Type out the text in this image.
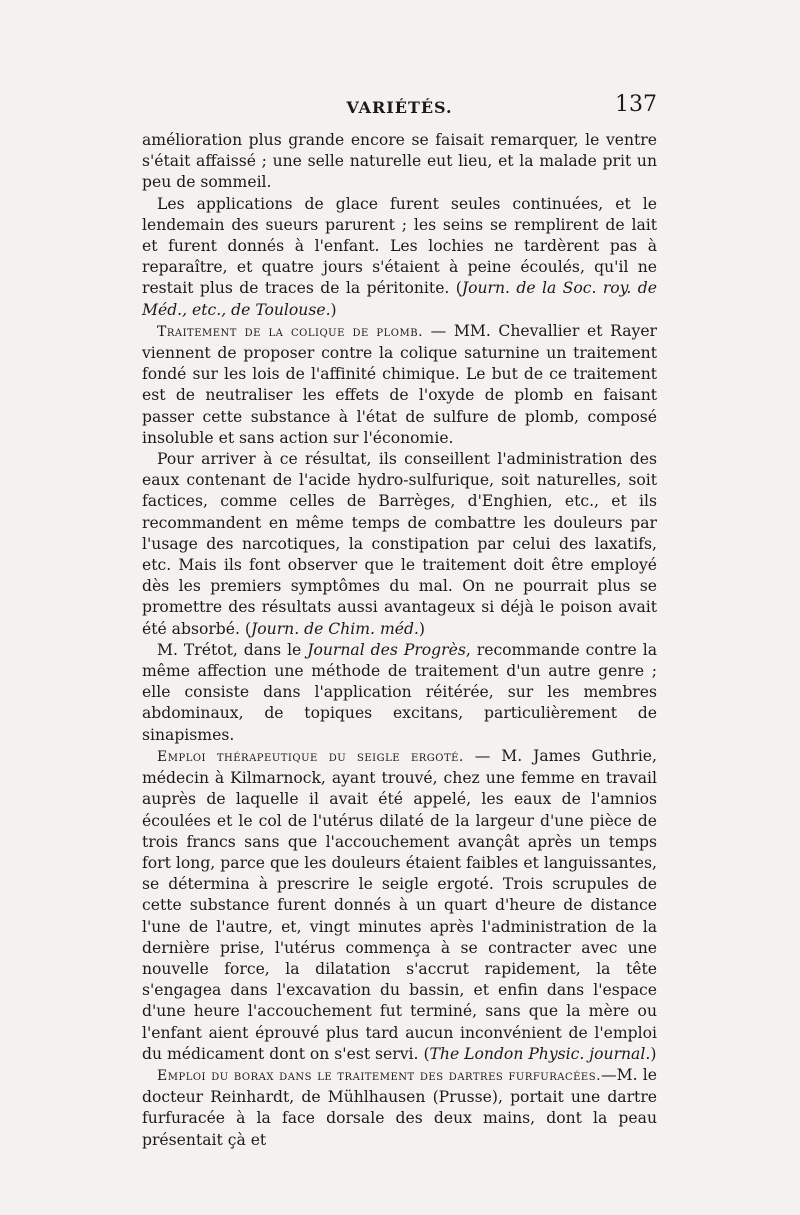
VARIÉTÉS.	137

amélioration plus grande encore se faisait remarquer, le ventre s'était affaissé ; une selle naturelle eut lieu, et la malade prit un peu de sommeil.

Les applications de glace furent seules continuées, et le lendemain des sueurs parurent ; les seins se remplirent de lait et furent donnés à l'enfant. Les lochies ne tardèrent pas à reparaître, et quatre jours s'étaient à peine écoulés, qu'il ne restait plus de traces de la péritonite. (Journ. de la Soc. roy. de Méd., etc., de Toulouse.)

Traitement de la colique de plomb. — MM. Chevallier et Rayer viennent de proposer contre la colique saturnine un traitement fondé sur les lois de l'affinité chimique. Le but de ce traitement est de neutraliser les effets de l'oxyde de plomb en faisant passer cette substance à l'état de sulfure de plomb, composé insoluble et sans action sur l'économie.

Pour arriver à ce résultat, ils conseillent l'administration des eaux contenant de l'acide hydro-sulfurique, soit naturelles, soit factices, comme celles de Barrèges, d'Enghien, etc., et ils recommandent en même temps de combattre les douleurs par l'usage des narcotiques, la constipation par celui des laxatifs, etc. Mais ils font observer que le traitement doit être employé dès les premiers symptômes du mal. On ne pourrait plus se promettre des résultats aussi avantageux si déjà le poison avait été absorbé. (Journ. de Chim. méd.)

M. Trétot, dans le Journal des Progrès, recommande contre la même affection une méthode de traitement d'un autre genre ; elle consiste dans l'application réitérée, sur les membres abdominaux, de topiques excitans, particulièrement de sinapismes.

Emploi thérapeutique du seigle ergoté. — M. James Guthrie, médecin à Kilmarnock, ayant trouvé, chez une femme en travail auprès de laquelle il avait été appelé, les eaux de l'amnios écoulées et le col de l'utérus dilaté de la largeur d'une pièce de trois francs sans que l'accouchement avançât après un temps fort long, parce que les douleurs étaient faibles et languissantes, se détermina à prescrire le seigle ergoté. Trois scrupules de cette substance furent donnés à un quart d'heure de distance l'une de l'autre, et, vingt minutes après l'administration de la dernière prise, l'utérus commença à se contracter avec une nouvelle force, la dilatation s'accrut rapidement, la tête s'engagea dans l'excavation du bassin, et enfin dans l'espace d'une heure l'accouchement fut terminé, sans que la mère ou l'enfant aient éprouvé plus tard aucun inconvénient de l'emploi du médicament dont on s'est servi. (The London Physic. journal.)

Emploi du borax dans le traitement des dartres furfuracées.—M. le docteur Reinhardt, de Mühlhausen (Prusse), portait une dartre furfuracée à la face dorsale des deux mains, dont la peau présentait çà et
